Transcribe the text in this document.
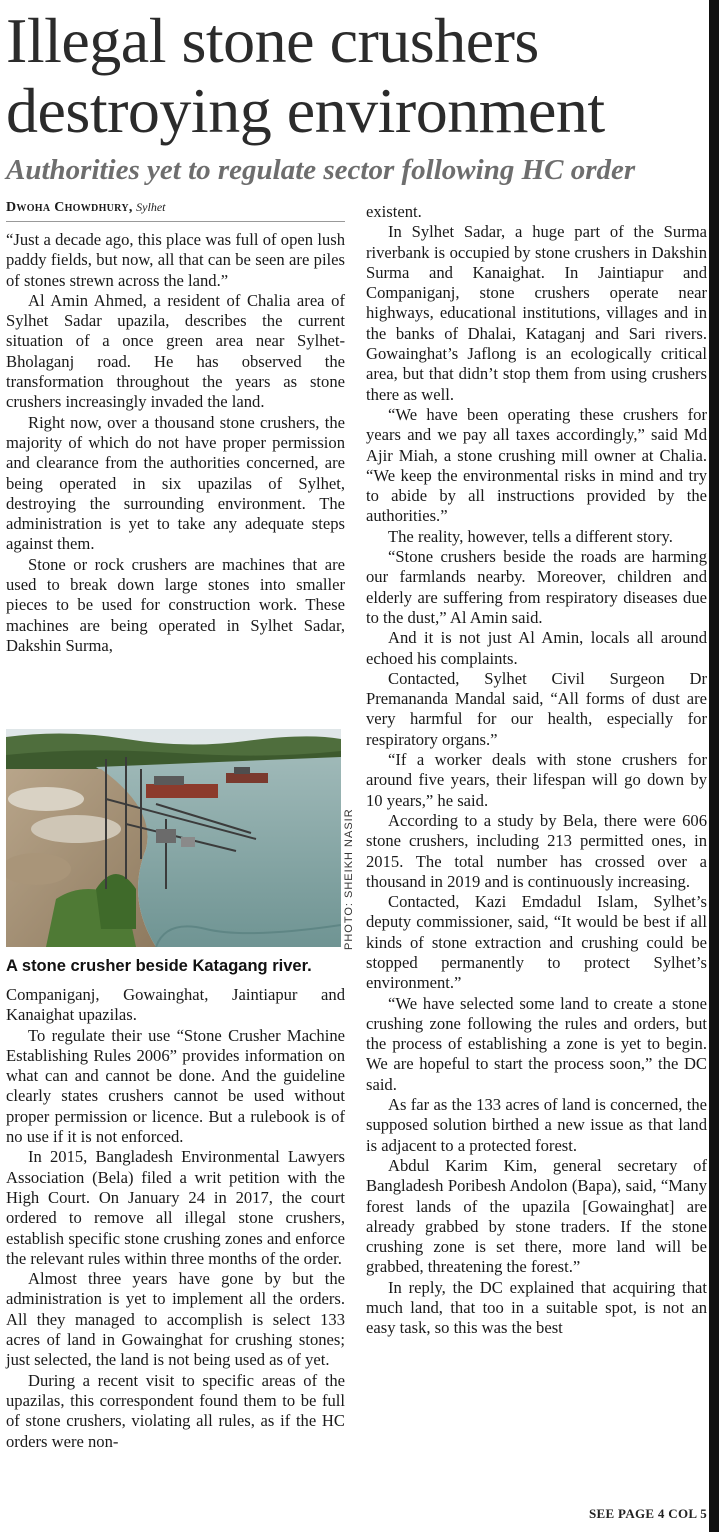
Illegal stone crushers destroying environment
Authorities yet to regulate sector following HC order
Dwoha Chowdhury, Sylhet

“Just a decade ago, this place was full of open lush paddy fields, but now, all that can be seen are piles of stones strewn across the land.”

Al Amin Ahmed, a resident of Chalia area of Sylhet Sadar upazila, describes the current situation of a once green area near Sylhet-Bholaganj road. He has observed the transformation throughout the years as stone crushers increasingly invaded the land.

Right now, over a thousand stone crushers, the majority of which do not have proper permission and clearance from the authorities concerned, are being operated in six upazilas of Sylhet, destroying the surrounding environment. The administration is yet to take any adequate steps against them.

Stone or rock crushers are machines that are used to break down large stones into smaller pieces to be used for construction work. These machines are being operated in Sylhet Sadar, Dakshin Surma,

PHOTO: SHEIKH NASIR
A stone crusher beside Katagang river.

Companiganj, Gowainghat, Jaintiapur and Kanaighat upazilas.

To regulate their use “Stone Crusher Machine Establishing Rules 2006” provides information on what can and cannot be done. And the guideline clearly states crushers cannot be used without proper permission or licence. But a rulebook is of no use if it is not enforced.

In 2015, Bangladesh Environmental Lawyers Association (Bela) filed a writ petition with the High Court. On January 24 in 2017, the court ordered to remove all illegal stone crushers, establish specific stone crushing zones and enforce the relevant rules within three months of the order.

Almost three years have gone by but the administration is yet to implement all the orders. All they managed to accomplish is select 133 acres of land in Gowainghat for crushing stones; just selected, the land is not being used as of yet.

During a recent visit to specific areas of the upazilas, this correspondent found them to be full of stone crushers, violating all rules, as if the HC orders were non-

existent.

In Sylhet Sadar, a huge part of the Surma riverbank is occupied by stone crushers in Dakshin Surma and Kanaighat. In Jaintiapur and Companiganj, stone crushers operate near highways, educational institutions, villages and in the banks of Dhalai, Kataganj and Sari rivers. Gowainghat’s Jaflong is an ecologically critical area, but that didn’t stop them from using crushers there as well.

“We have been operating these crushers for years and we pay all taxes accordingly,” said Md Ajir Miah, a stone crushing mill owner at Chalia. “We keep the environmental risks in mind and try to abide by all instructions provided by the authorities.”

The reality, however, tells a different story.

“Stone crushers beside the roads are harming our farmlands nearby. Moreover, children and elderly are suffering from respiratory diseases due to the dust,” Al Amin said.

And it is not just Al Amin, locals all around echoed his complaints.

Contacted, Sylhet Civil Surgeon Dr Premananda Mandal said, “All forms of dust are very harmful for our health, especially for respiratory organs.”

“If a worker deals with stone crushers for around five years, their lifespan will go down by 10 years,” he said.

According to a study by Bela, there were 606 stone crushers, including 213 permitted ones, in 2015. The total number has crossed over a thousand in 2019 and is continuously increasing.

Contacted, Kazi Emdadul Islam, Sylhet’s deputy commissioner, said, “It would be best if all kinds of stone extraction and crushing could be stopped permanently to protect Sylhet’s environment.”

“We have selected some land to create a stone crushing zone following the rules and orders, but the process of establishing a zone is yet to begin. We are hopeful to start the process soon,” the DC said.

As far as the 133 acres of land is concerned, the supposed solution birthed a new issue as that land is adjacent to a protected forest.

Abdul Karim Kim, general secretary of Bangladesh Poribesh Andolon (Bapa), said, “Many forest lands of the upazila [Gowainghat] are already grabbed by stone traders. If the stone crushing zone is set there, more land will be grabbed, threatening the forest.”

In reply, the DC explained that acquiring that much land, that too in a suitable spot, is not an easy task, so this was the best

SEE PAGE 4 COL 5
